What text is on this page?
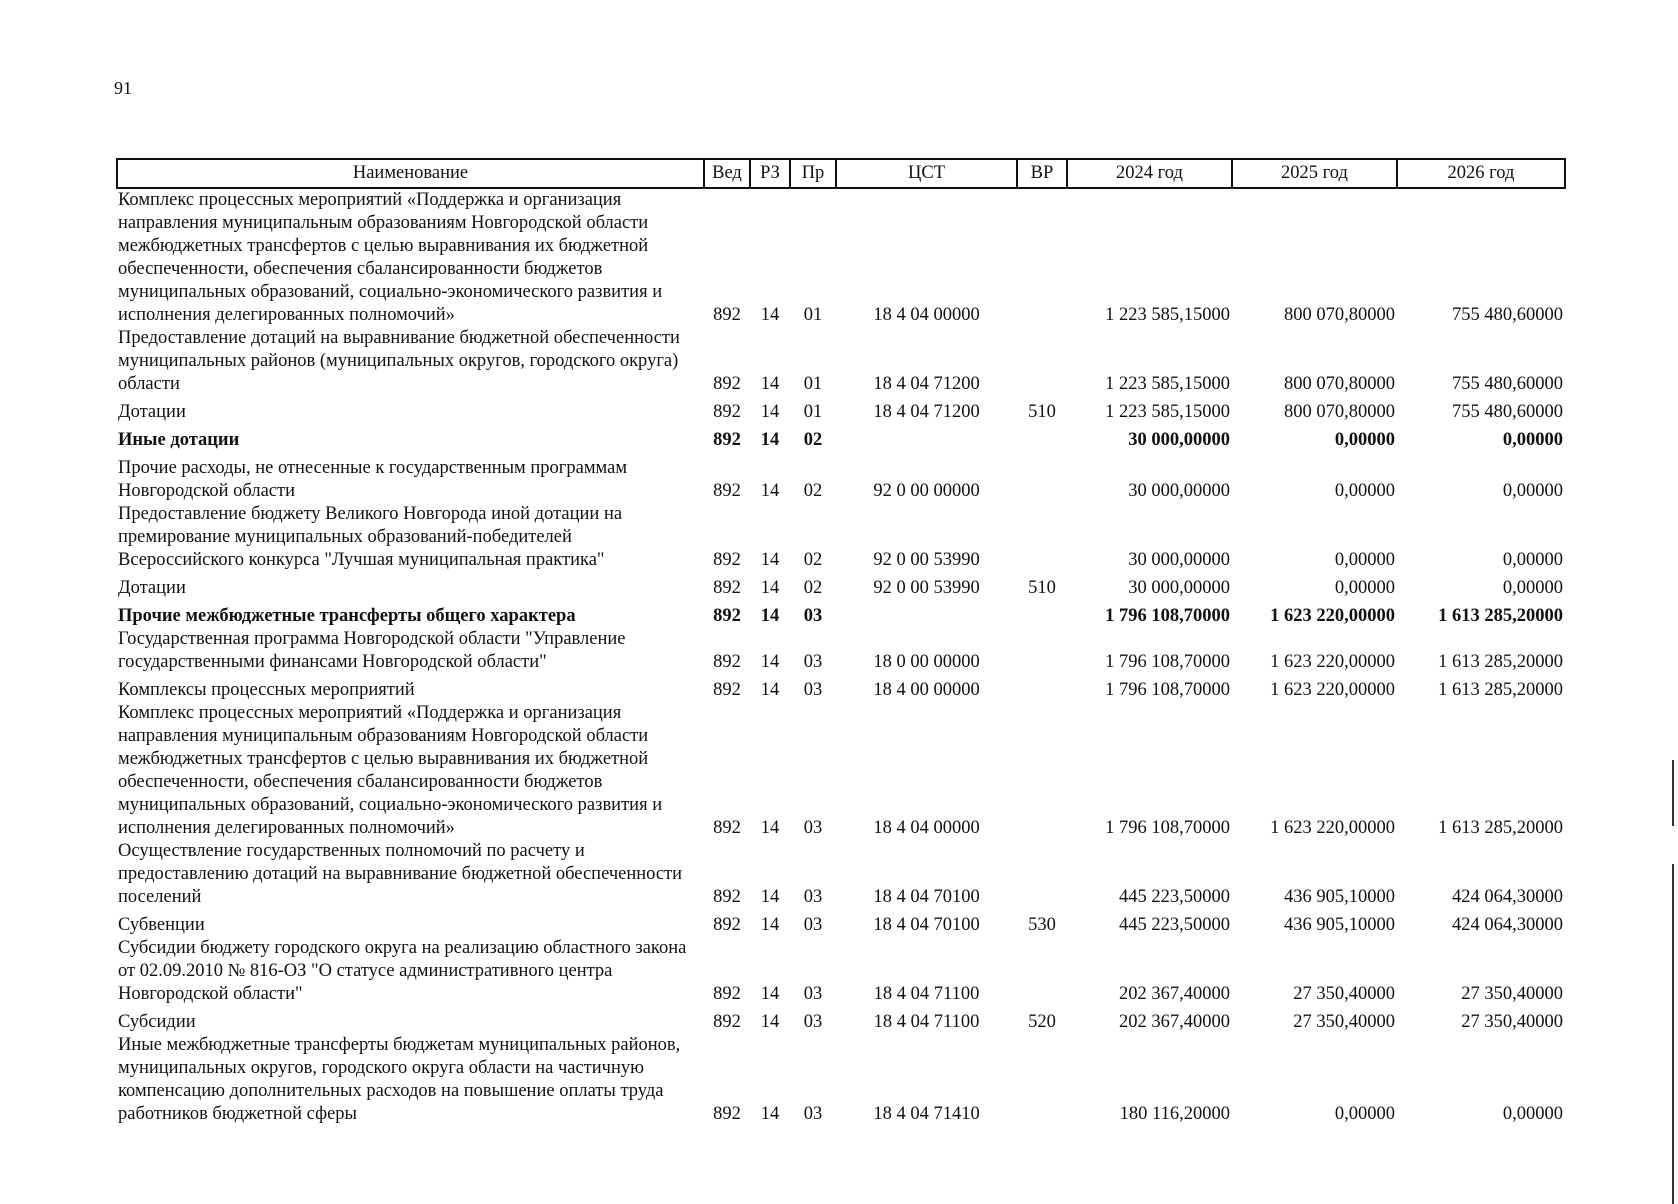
91
Наименование	Вед	РЗ	Пр	ЦСТ	ВР	2024 год	2025 год	2026 год
Комплекс процессных мероприятий «Поддержка и организация направления муниципальным образованиям Новгородской области межбюджетных трансфертов с целью выравнивания их бюджетной обеспеченности, обеспечения сбалансированности бюджетов муниципальных образований, социально-экономического развития и исполнения делегированных полномочий»	892	14	01	18 4 04 00000		1 223 585,15000	800 070,80000	755 480,60000
Предоставление дотаций на выравнивание бюджетной обеспеченности муниципальных районов (муниципальных округов, городского округа) области	892	14	01	18 4 04 71200		1 223 585,15000	800 070,80000	755 480,60000
Дотации	892	14	01	18 4 04 71200	510	1 223 585,15000	800 070,80000	755 480,60000
Иные дотации	892	14	02			30 000,00000	0,00000	0,00000
Прочие расходы, не отнесенные к государственным программам Новгородской области	892	14	02	92 0 00 00000		30 000,00000	0,00000	0,00000
Предоставление бюджету Великого Новгорода иной дотации на премирование муниципальных образований-победителей Всероссийского конкурса "Лучшая муниципальная практика"	892	14	02	92 0 00 53990		30 000,00000	0,00000	0,00000
Дотации	892	14	02	92 0 00 53990	510	30 000,00000	0,00000	0,00000
Прочие межбюджетные трансферты общего характера	892	14	03			1 796 108,70000	1 623 220,00000	1 613 285,20000
Государственная программа Новгородской области "Управление государственными финансами Новгородской области"	892	14	03	18 0 00 00000		1 796 108,70000	1 623 220,00000	1 613 285,20000
Комплексы процессных мероприятий	892	14	03	18 4 00 00000		1 796 108,70000	1 623 220,00000	1 613 285,20000
Комплекс процессных мероприятий «Поддержка и организация направления муниципальным образованиям Новгородской области межбюджетных трансфертов с целью выравнивания их бюджетной обеспеченности, обеспечения сбалансированности бюджетов муниципальных образований, социально-экономического развития и исполнения делегированных полномочий»	892	14	03	18 4 04 00000		1 796 108,70000	1 623 220,00000	1 613 285,20000
Осуществление государственных полномочий по расчету и предоставлению дотаций на выравнивание бюджетной обеспеченности поселений	892	14	03	18 4 04 70100		445 223,50000	436 905,10000	424 064,30000
Субвенции	892	14	03	18 4 04 70100	530	445 223,50000	436 905,10000	424 064,30000
Субсидии бюджету городского округа на реализацию областного закона от 02.09.2010 № 816-ОЗ "О статусе административного центра Новгородской области"	892	14	03	18 4 04 71100		202 367,40000	27 350,40000	27 350,40000
Субсидии	892	14	03	18 4 04 71100	520	202 367,40000	27 350,40000	27 350,40000
Иные межбюджетные трансферты бюджетам муниципальных районов, муниципальных округов, городского округа области на частичную компенсацию дополнительных расходов на повышение оплаты труда работников бюджетной сферы	892	14	03	18 4 04 71410		180 116,20000	0,00000	0,00000
